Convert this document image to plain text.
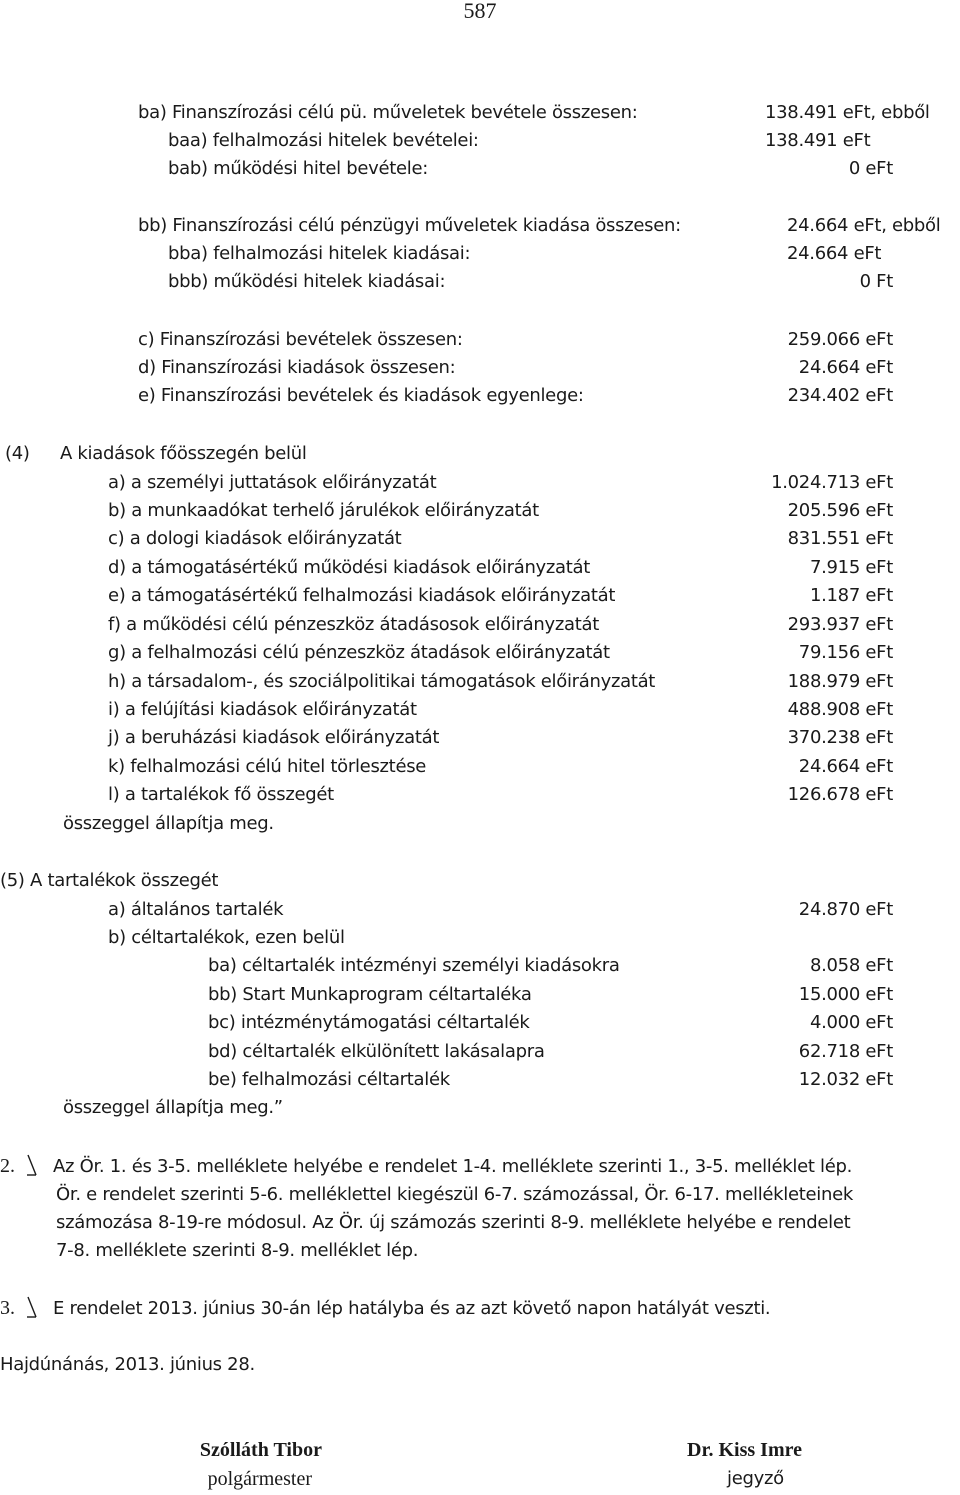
587
ba) Finanszírozási célú pü. műveletek bevétele összesen:	138.491 eFt, ebből
baa) felhalmozási hitelek bevételei:	138.491 eFt
bab) működési hitel bevétele:	0 eFt
bb) Finanszírozási célú pénzügyi műveletek kiadása összesen:	24.664 eFt, ebből
bba) felhalmozási hitelek kiadásai:	24.664 eFt
bbb) működési hitelek kiadásai:	0 Ft
c) Finanszírozási bevételek összesen:	259.066 eFt
d) Finanszírozási kiadások összesen:	24.664 eFt
e) Finanszírozási bevételek és kiadások egyenlege:	234.402 eFt
(4) A kiadások főösszegén belül
a) a személyi juttatások előirányzatát	1.024.713 eFt
b) a munkaadókat terhelő járulékok előirányzatát	205.596 eFt
c) a dologi kiadások előirányzatát	831.551 eFt
d) a támogatásértékű működési kiadások előirányzatát	7.915 eFt
e) a támogatásértékű felhalmozási kiadások előirányzatát	1.187 eFt
f) a működési célú pénzeszköz átadásosok előirányzatát	293.937 eFt
g) a felhalmozási célú pénzeszköz átadások előirányzatát	79.156 eFt
h) a társadalom-, és szociálpolitikai támogatások előirányzatát	188.979 eFt
i) a felújítási kiadások előirányzatát	488.908 eFt
j) a beruházási kiadások előirányzatát	370.238 eFt
k) felhalmozási célú hitel törlesztése	24.664 eFt
l) a tartalékok fő összegét	126.678 eFt
összeggel állapítja meg.
(5) A tartalékok összegét
a) általános tartalék	24.870 eFt
b) céltartalékok, ezen belül
ba) céltartalék intézményi személyi kiadásokra	8.058 eFt
bb) Start Munkaprogram céltartaléka	15.000 eFt
bc) intézménytámogatási céltartalék	4.000 eFt
bd) céltartalék elkülönített lakásalapra	62.718 eFt
be) felhalmozási céltartalék	12.032 eFt
összeggel állapítja meg.”
2. Az Ör. 1. és 3-5. melléklete helyébe e rendelet 1-4. melléklete szerinti 1., 3-5. melléklet lép.
Ör. e rendelet szerinti 5-6. melléklettel kiegészül 6-7. számozással, Ör. 6-17. mellékleteinek
számozása 8-19-re módosul. Az Ör. új számozás szerinti 8-9. melléklete helyébe e rendelet
7-8. melléklete szerinti 8-9. melléklet lép.
3. E rendelet 2013. június 30-án lép hatályba és az azt követő napon hatályát veszti.
Hajdúnánás, 2013. június 28.
Szólláth Tibor
polgármester
Dr. Kiss Imre
jegyző
